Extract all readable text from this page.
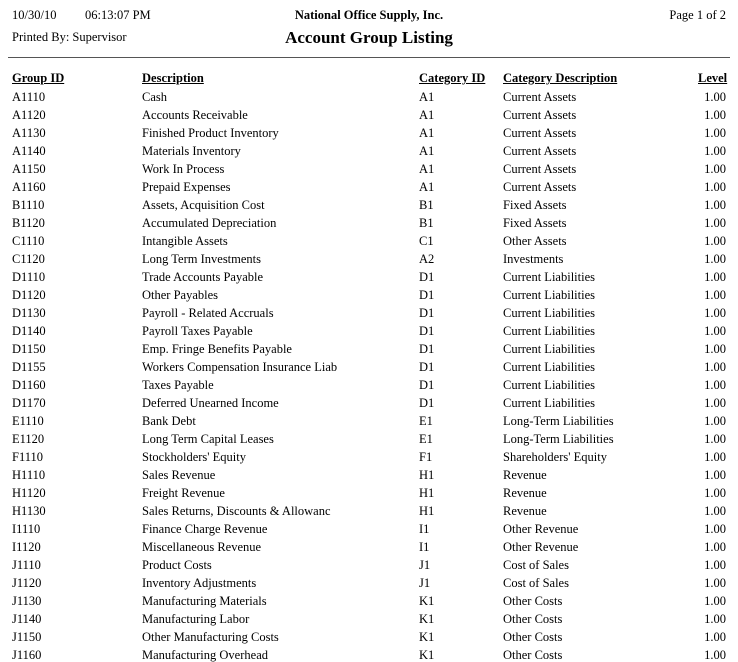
10/30/10 06:13:07 PM	National Office Supply, Inc.	Page 1 of 2
Printed By: Supervisor	Account Group Listing
Group ID	Description	Category ID	Category Description	Level
A1110	Cash	A1	Current Assets	1.00
A1120	Accounts Receivable	A1	Current Assets	1.00
A1130	Finished Product Inventory	A1	Current Assets	1.00
A1140	Materials Inventory	A1	Current Assets	1.00
A1150	Work In Process	A1	Current Assets	1.00
A1160	Prepaid Expenses	A1	Current Assets	1.00
B1110	Assets, Acquisition Cost	B1	Fixed Assets	1.00
B1120	Accumulated Depreciation	B1	Fixed Assets	1.00
C1110	Intangible Assets	C1	Other Assets	1.00
C1120	Long Term Investments	A2	Investments	1.00
D1110	Trade Accounts Payable	D1	Current Liabilities	1.00
D1120	Other Payables	D1	Current Liabilities	1.00
D1130	Payroll - Related Accruals	D1	Current Liabilities	1.00
D1140	Payroll Taxes Payable	D1	Current Liabilities	1.00
D1150	Emp. Fringe Benefits Payable	D1	Current Liabilities	1.00
D1155	Workers Compensation Insurance Liab	D1	Current Liabilities	1.00
D1160	Taxes Payable	D1	Current Liabilities	1.00
D1170	Deferred Unearned Income	D1	Current Liabilities	1.00
E1110	Bank Debt	E1	Long-Term Liabilities	1.00
E1120	Long Term Capital Leases	E1	Long-Term Liabilities	1.00
F1110	Stockholders' Equity	F1	Shareholders' Equity	1.00
H1110	Sales Revenue	H1	Revenue	1.00
H1120	Freight Revenue	H1	Revenue	1.00
H1130	Sales Returns, Discounts & Allowanc	H1	Revenue	1.00
I1110	Finance Charge Revenue	I1	Other Revenue	1.00
I1120	Miscellaneous Revenue	I1	Other Revenue	1.00
J1110	Product Costs	J1	Cost of Sales	1.00
J1120	Inventory Adjustments	J1	Cost of Sales	1.00
J1130	Manufacturing Materials	K1	Other Costs	1.00
J1140	Manufacturing Labor	K1	Other Costs	1.00
J1150	Other Manufacturing Costs	K1	Other Costs	1.00
J1160	Manufacturing Overhead	K1	Other Costs	1.00
